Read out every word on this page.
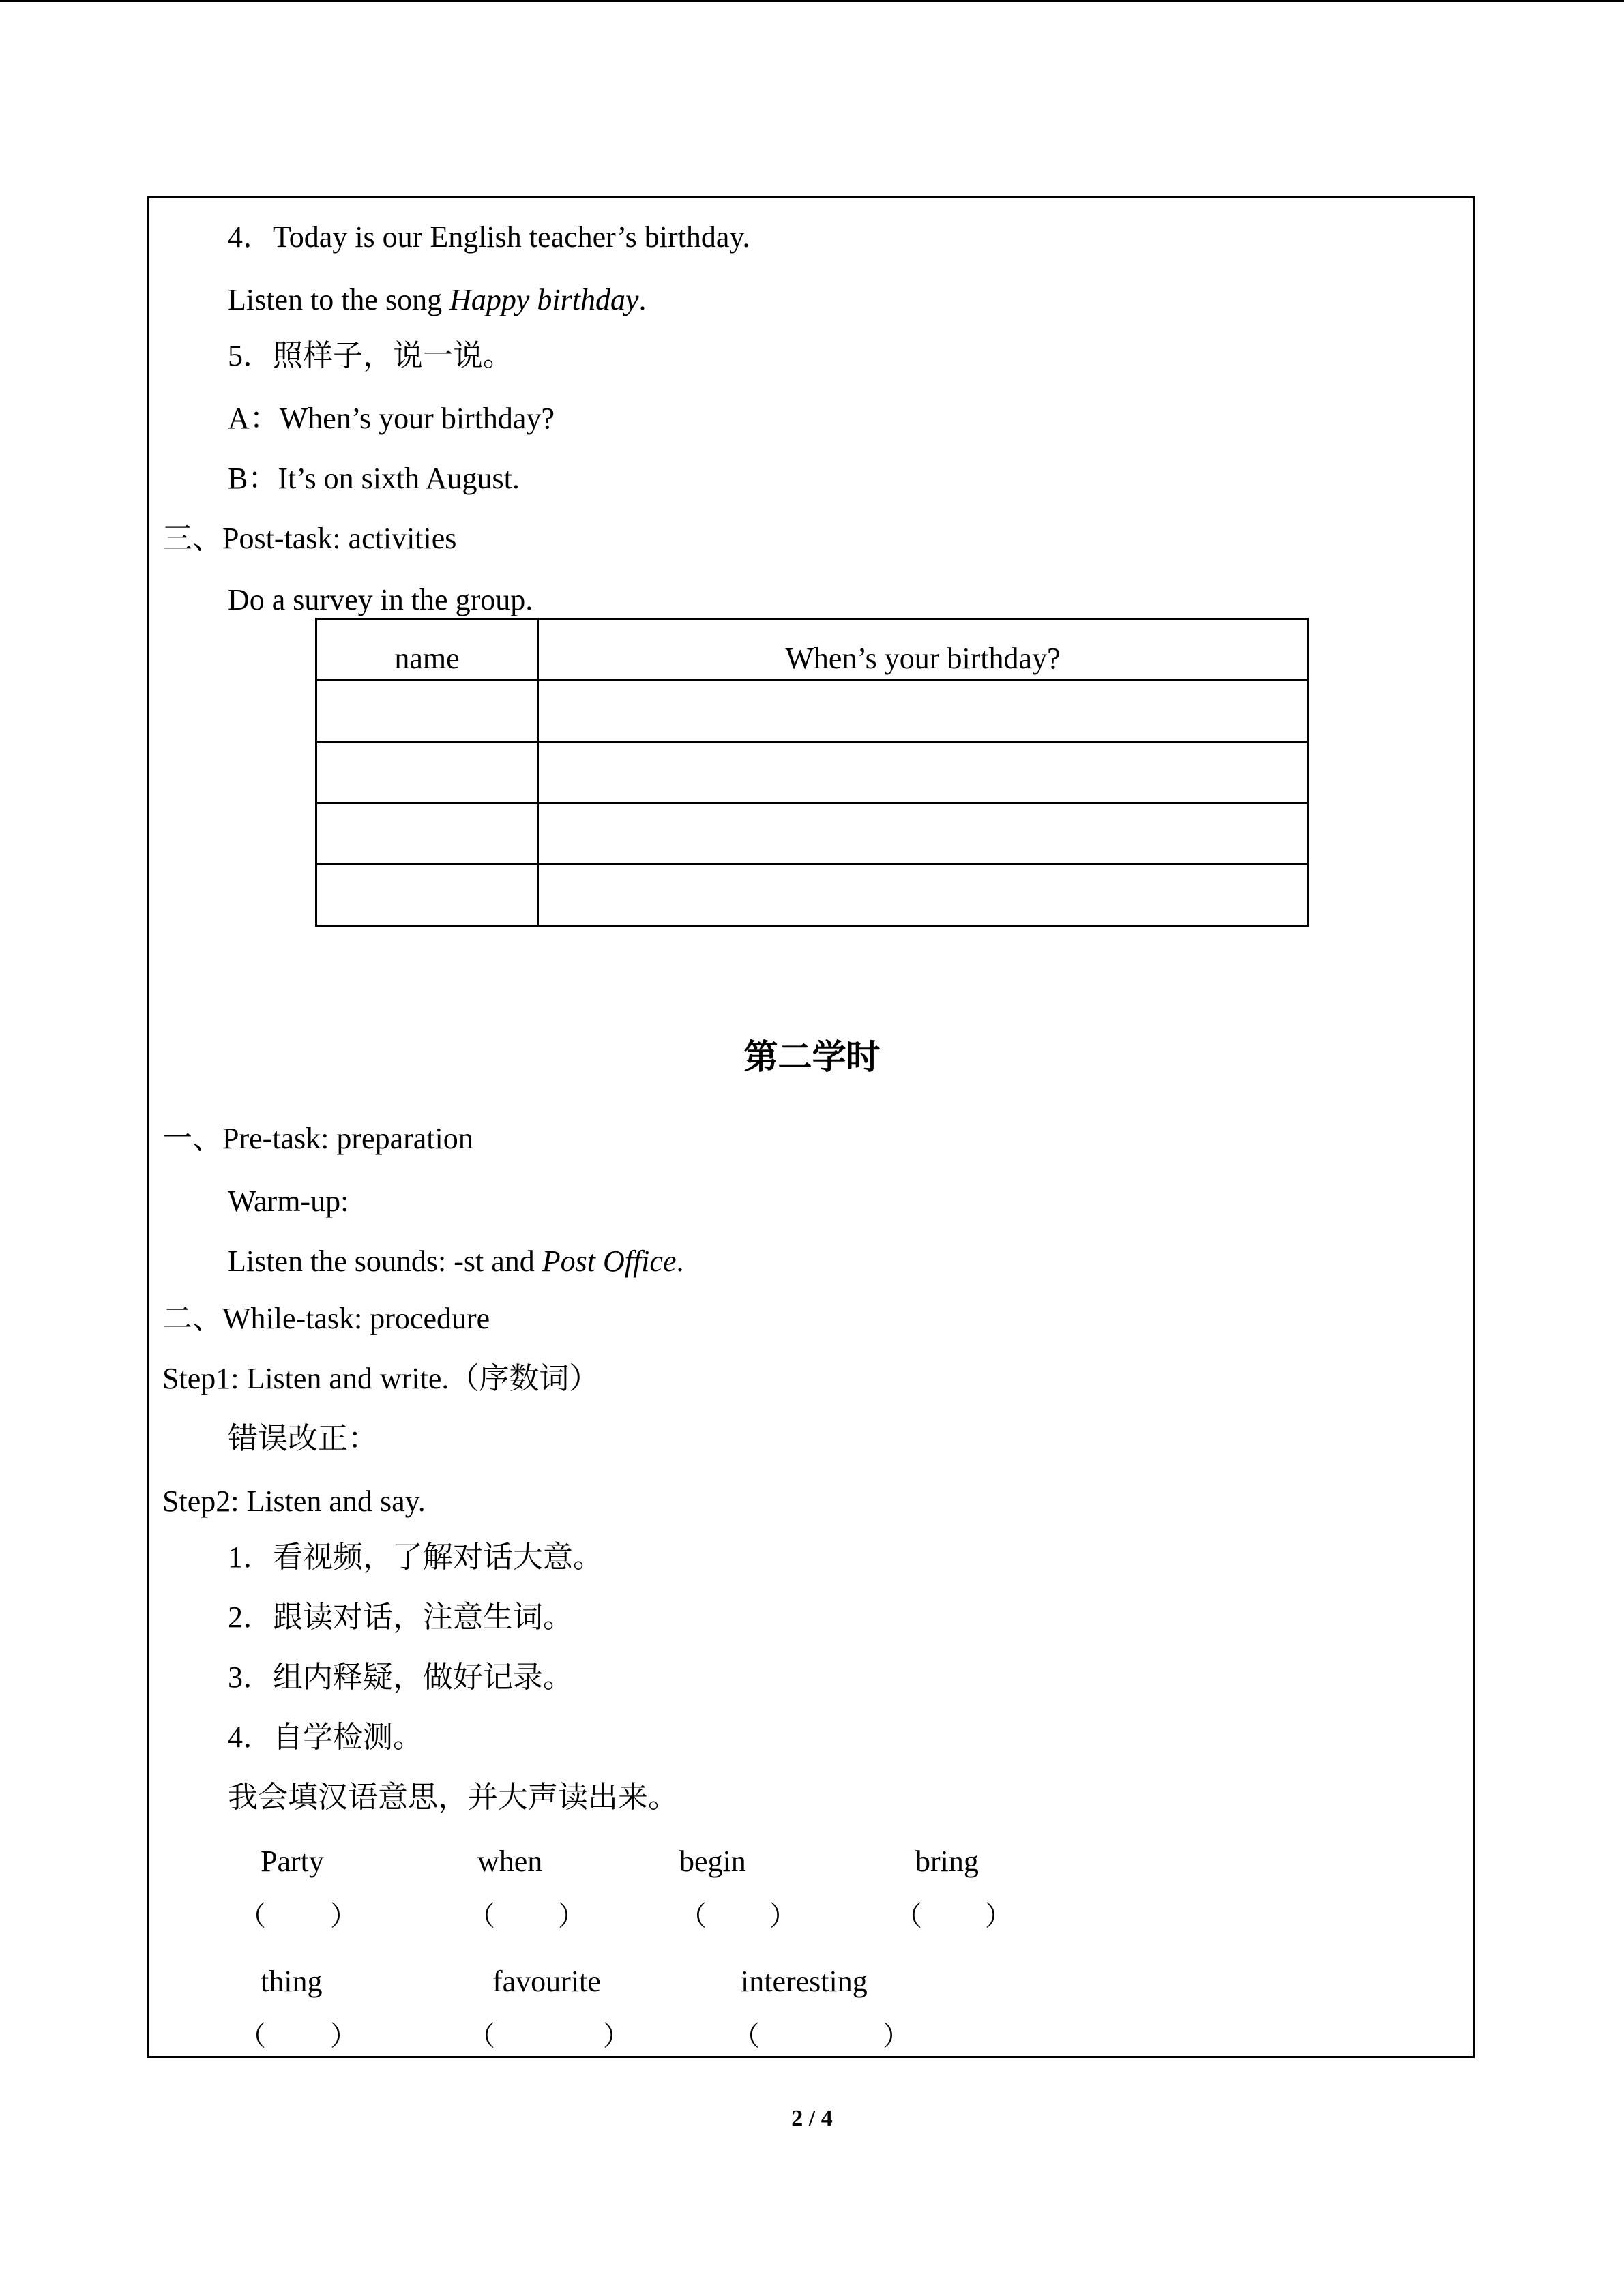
4．Today is our English teacher’s birthday.
Listen to the song Happy birthday.
5．照样子，说一说。
A：When’s your birthday?
B：It’s on sixth August.
三、Post-task: activities
Do a survey in the group.
name	When’s your birthday?

第二学时
一、Pre-task: preparation
Warm-up:
Listen the sounds: -st and Post Office.
二、While-task: procedure
Step1: Listen and write.（序数词）
错误改正：
Step2: Listen and say.
1．看视频，了解对话大意。
2．跟读对话，注意生词。
3．组内释疑，做好记录。
4．自学检测。
我会填汉语意思，并大声读出来。
Party	when	begin	bring
（ ）	（ ）	（ ）	（ ）
thing	favourite	interesting
（ ）	（	）	（	）
2 / 4
